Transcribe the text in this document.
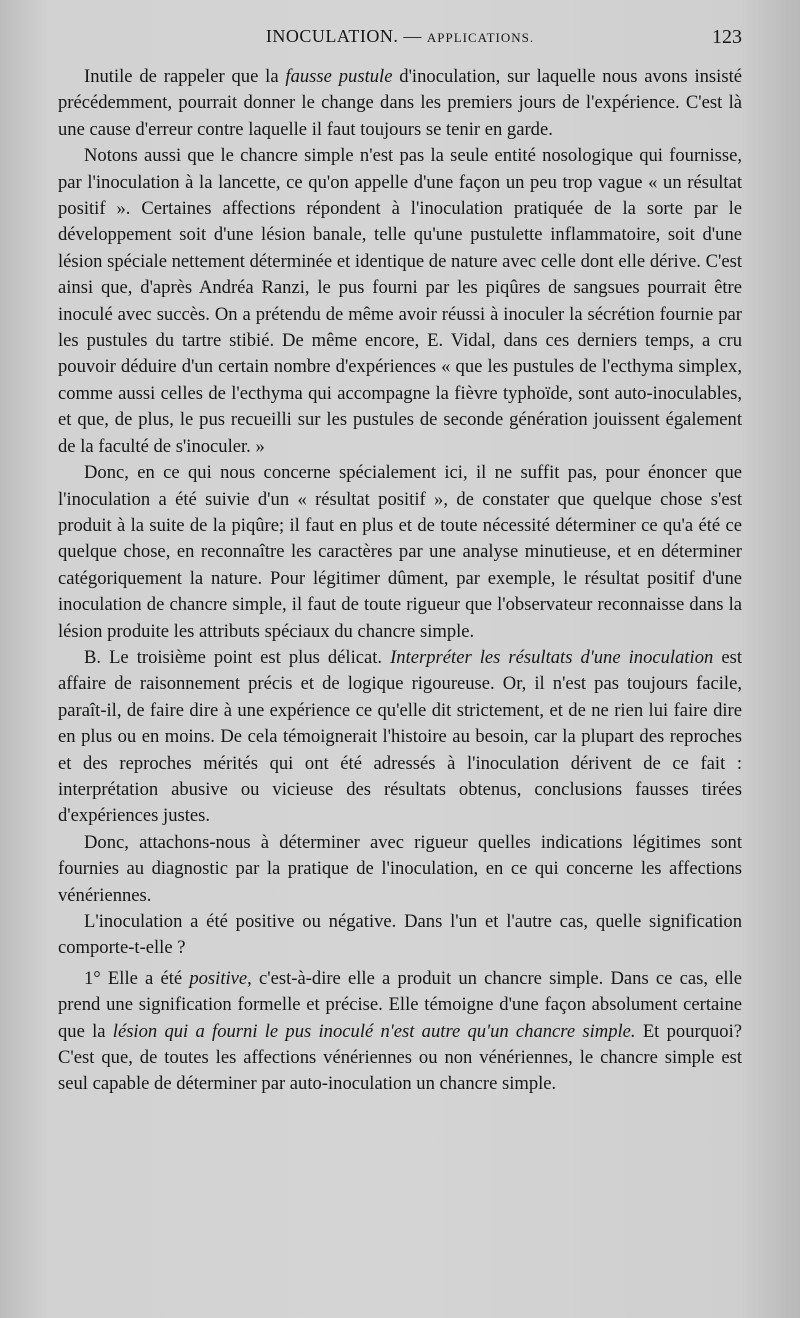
INOCULATION. — APPLICATIONS.	123

Inutile de rappeler que la fausse pustule d'inoculation, sur laquelle nous avons insisté précédemment, pourrait donner le change dans les premiers jours de l'expérience. C'est là une cause d'erreur contre laquelle il faut toujours se tenir en garde.

Notons aussi que le chancre simple n'est pas la seule entité nosologique qui fournisse, par l'inoculation à la lancette, ce qu'on appelle d'une façon un peu trop vague « un résultat positif ». Certaines affections répondent à l'inoculation pratiquée de la sorte par le développement soit d'une lésion banale, telle qu'une pustulette inflammatoire, soit d'une lésion spéciale nettement déterminée et identique de nature avec celle dont elle dérive. C'est ainsi que, d'après Andréa Ranzi, le pus fourni par les piqûres de sangsues pourrait être inoculé avec succès. On a prétendu de même avoir réussi à inoculer la sécrétion fournie par les pustules du tartre stibié. De même encore, E. Vidal, dans ces derniers temps, a cru pouvoir déduire d'un certain nombre d'expériences « que les pustules de l'ecthyma simplex, comme aussi celles de l'ecthyma qui accompagne la fièvre typhoïde, sont auto-inoculables, et que, de plus, le pus recueilli sur les pustules de seconde génération jouissent également de la faculté de s'inoculer. »

Donc, en ce qui nous concerne spécialement ici, il ne suffit pas, pour énoncer que l'inoculation a été suivie d'un « résultat positif », de constater que quelque chose s'est produit à la suite de la piqûre; il faut en plus et de toute nécessité déterminer ce qu'a été ce quelque chose, en reconnaître les caractères par une analyse minutieuse, et en déterminer catégoriquement la nature. Pour légitimer dûment, par exemple, le résultat positif d'une inoculation de chancre simple, il faut de toute rigueur que l'observateur reconnaisse dans la lésion produite les attributs spéciaux du chancre simple.

B. Le troisième point est plus délicat. Interpréter les résultats d'une inoculation est affaire de raisonnement précis et de logique rigoureuse. Or, il n'est pas toujours facile, paraît-il, de faire dire à une expérience ce qu'elle dit strictement, et de ne rien lui faire dire en plus ou en moins. De cela témoignerait l'histoire au besoin, car la plupart des reproches et des reproches mérités qui ont été adressés à l'inoculation dérivent de ce fait : interprétation abusive ou vicieuse des résultats obtenus, conclusions fausses tirées d'expériences justes.

Donc, attachons-nous à déterminer avec rigueur quelles indications légitimes sont fournies au diagnostic par la pratique de l'inoculation, en ce qui concerne les affections vénériennes.

L'inoculation a été positive ou négative. Dans l'un et l'autre cas, quelle signification comporte-t-elle ?

1° Elle a été positive, c'est-à-dire elle a produit un chancre simple. Dans ce cas, elle prend une signification formelle et précise. Elle témoigne d'une façon absolument certaine que la lésion qui a fourni le pus inoculé n'est autre qu'un chancre simple. Et pourquoi? C'est que, de toutes les affections vénériennes ou non vénériennes, le chancre simple est seul capable de déterminer par auto-inoculation un chancre simple.
